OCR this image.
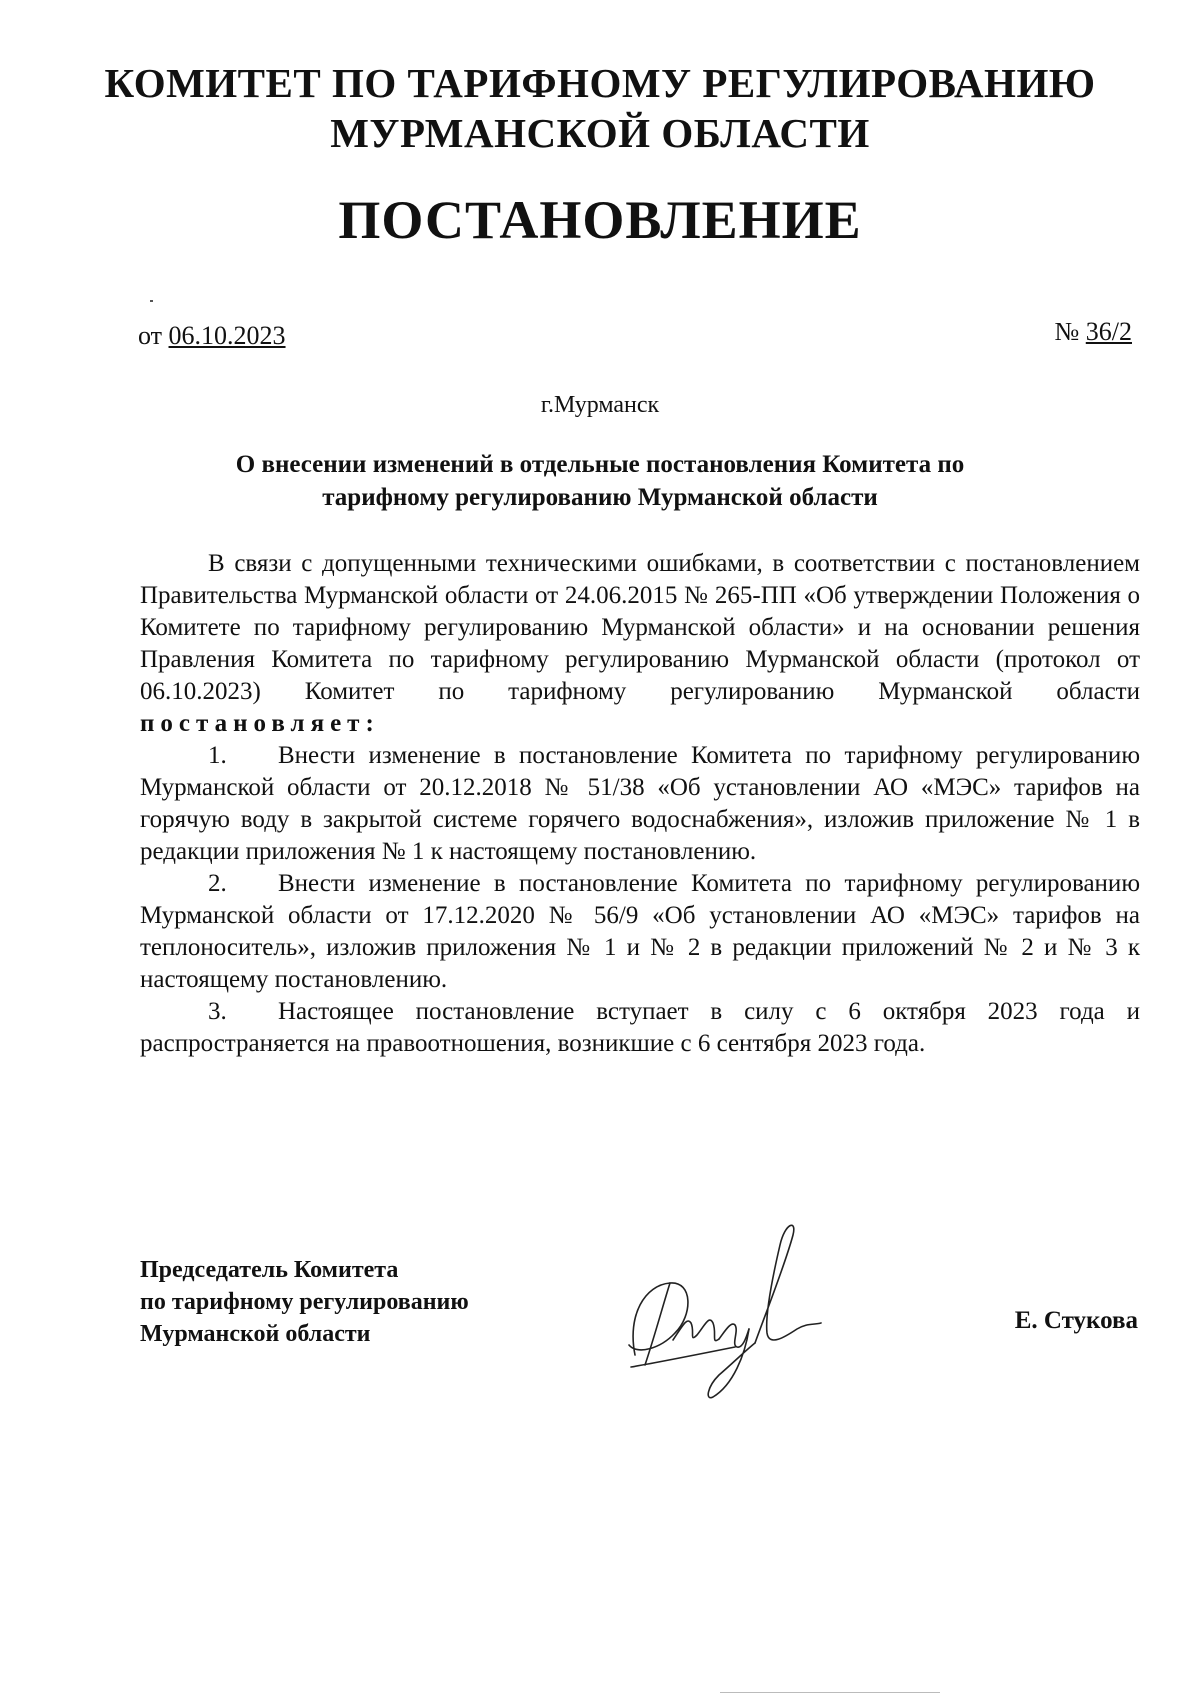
КОМИТЕТ ПО ТАРИФНОМУ РЕГУЛИРОВАНИЮ
МУРМАНСКОЙ ОБЛАСТИ
ПОСТАНОВЛЕНИЕ
от 06.10.2023	№ 36/2
г.Мурманск
О внесении изменений в отдельные постановления Комитета по
тарифному регулированию Мурманской области

В связи с допущенными техническими ошибками, в соответствии с постановлением Правительства Мурманской области от 24.06.2015 № 265-ПП «Об утверждении Положения о Комитете по тарифному регулированию Мурманской области» и на основании решения Правления Комитета по тарифному регулированию Мурманской области (протокол от 06.10.2023) Комитет по тарифному регулированию Мурманской области постановляет:

1. Внести изменение в постановление Комитета по тарифному регулированию Мурманской области от 20.12.2018 № 51/38 «Об установлении АО «МЭС» тарифов на горячую воду в закрытой системе горячего водоснабжения», изложив приложение № 1 в редакции приложения № 1 к настоящему постановлению.

2. Внести изменение в постановление Комитета по тарифному регулированию Мурманской области от 17.12.2020 № 56/9 «Об установлении АО «МЭС» тарифов на теплоноситель», изложив приложения № 1 и № 2 в редакции приложений № 2 и № 3 к настоящему постановлению.

3. Настоящее постановление вступает в силу с 6 октября 2023 года и распространяется на правоотношения, возникшие с 6 сентября 2023 года.

Председатель Комитета
по тарифному регулированию
Мурманской области	Е. Стукова
